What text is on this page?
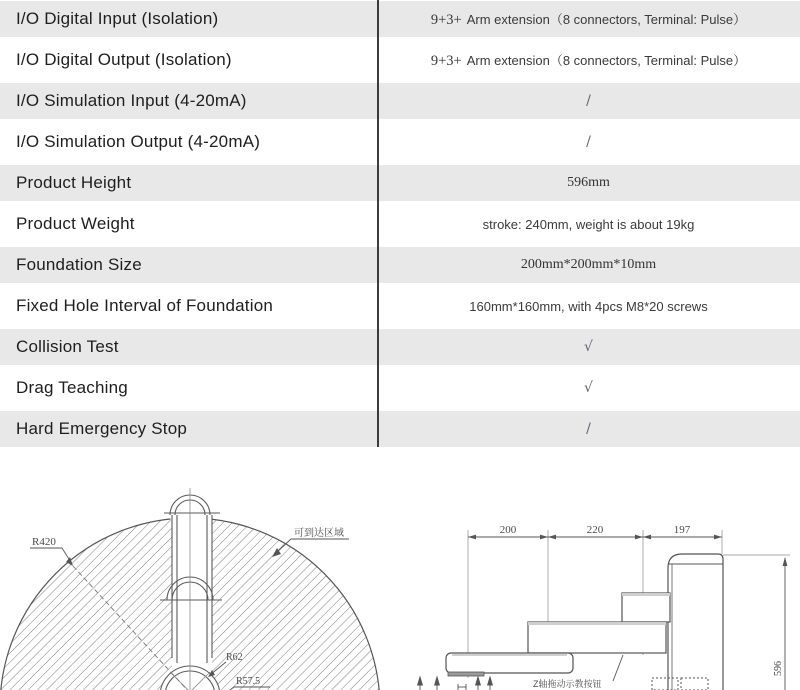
I/O Digital Input (Isolation)	9+3+ Arm extension（8 connectors, Terminal: Pulse）
I/O Digital Output (Isolation)	9+3+ Arm extension（8 connectors, Terminal: Pulse）
I/O Simulation Input (4-20mA)	/
I/O Simulation Output (4-20mA)	/
Product Height	596mm
Product Weight	stroke: 240mm, weight is about 19kg
Foundation Size	200mm*200mm*10mm
Fixed Hole Interval of Foundation	160mm*160mm, with 4pcs M8*20 screws
Collision Test	√
Drag Teaching	√
Hard Emergency Stop	/
R420
可到达区域
R62
R57.5
200	220	197
Z轴拖动示教按钮
596
